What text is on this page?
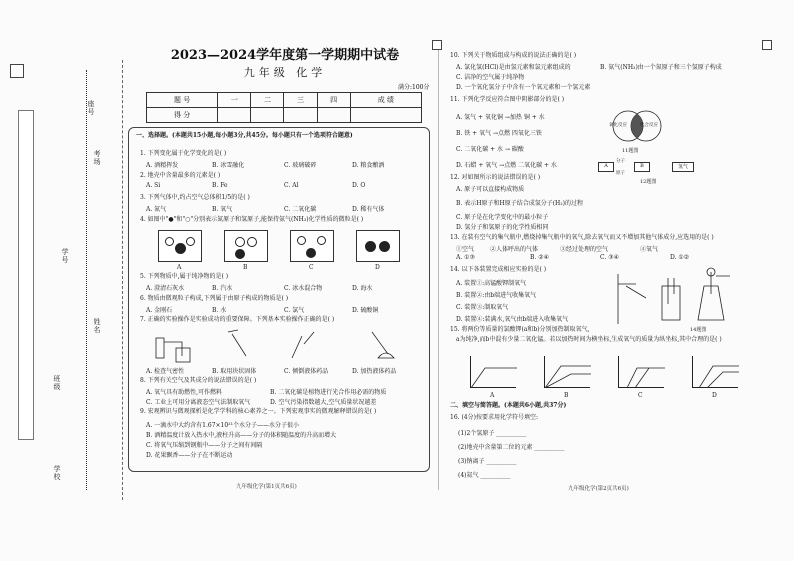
座号
考场
学号
姓名
班级
学校
2023—2024学年度第一学期期中试卷
九年级 化学
满分:100分
题 号	一	二	三	四	成 绩
得 分					
一、选择题。(本题共15小题,每小题3分,共45分。每小题只有一个选项符合题意)
1. 下列变化属于化学变化的是( )
A. 酒精挥发	B. 冰雪融化	C. 玻璃破碎	D. 粮食酿酒
2. 地壳中含量最多的元素是( )
A. Si	B. Fe	C. Al	D. O
3. 下列气体中,约占空气总体积1/5的是( )
A. 氮气	B. 氧气	C. 二氧化碳	D. 稀有气体
4. 如图中"●"和"○"分别表示氮原子和氢原子,能保持氨气(NH₃)化学性质的微粒是( )
A	B	C	D
5. 下列物质中,属于纯净物的是( )
A. 澄清石灰水	B. 汽水	C. 冰水混合物	D. 海水
6. 物质由微观粒子构成,下列属于由原子构成的物质是( )
A. 金刚石	B. 水	C. 氯气	D. 硫酸铜
7. 正确的实验操作是实验成功的重要保障。下列基本实验操作正确的是( )
A. 检查气密性	B. 取用块状固体	C. 倾倒液体药品	D. 加热液体药品
8. 下列有关空气及其成分的说法错误的是( )
A. 氧气具有助燃性,可作燃料	B. 二氧化碳是植物进行光合作用必需的物质
C. 工业上可用分离液态空气法制取氧气	D. 空气污染指数越大,空气质量状况越差
9. 宏观辨识与微观探析是化学学科的核心素养之一。下列宏观事实的微观解释错误的是( )
A. 一滴水中大约含有1.67×10²¹个水分子——水分子很小
B. 酒精温度计放入热水中,液柱升高——分子的体积随温度的升高而增大
C. 将氧气压缩到钢瓶中——分子之间有间隔
D. 花果飘香——分子在不断运动
九年级化学(第1页共6页)
10. 下列关于物质组成与构成的说法正确的是( )
A. 氯化氢(HCl)是由氢元素和氯元素组成的	B. 氨气(NH₃)由一个氮原子和三个氢原子构成
C. 洁净的空气属于纯净物
D. 一个氧化氢分子中含有一个氧元素和一个氢元素
11. 下列化学反应符合图中阴影部分的是( )
A. 氢气 + 氧化铜 →加热 铜 + 水
B. 铁 + 氧气 →点燃 四氧化三铁
C. 二氧化碳 + 水 → 碳酸
D. 石蜡 + 氧气 →点燃 二氧化碳 + 水
氧化反应	化合反应
11题图
A
分子
原子
B	氢气
12题图
12. 对如图所示的说法错误的是( )
A. 原子可以直接构成物质
B. 表示H原子和H原子结合成氢分子(H₂)的过程
C. 原子是在化学变化中的最小粒子
D. 氢分子和氢原子的化学性质相同
13. 在装有空气的集气瓶中,燃烧掉集气瓶中的氧气,除去氧气而又不增加其他气体成分,应选用的是( )
①空气	②人体呼出的气体	③经过处理的空气	④氧气
A. ①③	B. ②④	C. ③④	D. ①②
14. 以下各装置完成相应实验的是( )
A. 装置①:高锰酸钾制氧气
B. 装置②:由b端进气收集氧气
C. 装置③:制取氧气
D. 装置④:装满水,氧气由b端进入收集氧气
14题图
15. 将两份等质量的氯酸钾(a和b)分别加热制取氧气,
a为纯净,而b中混有少量二氧化锰。若以加热时间为横坐标,生成氧气的质量为纵坐标,其中合理的是( )
A	B	C	D
二、填空与简答题。(本题共6小题,共37分)
16. (4分)按要求用化学符号填空:
(1)2个氢原子 __________
(2)地壳中含量第二位的元素 __________
(3)钠离子 __________
(4)氦气 __________
九年级化学(第2页共6页)
